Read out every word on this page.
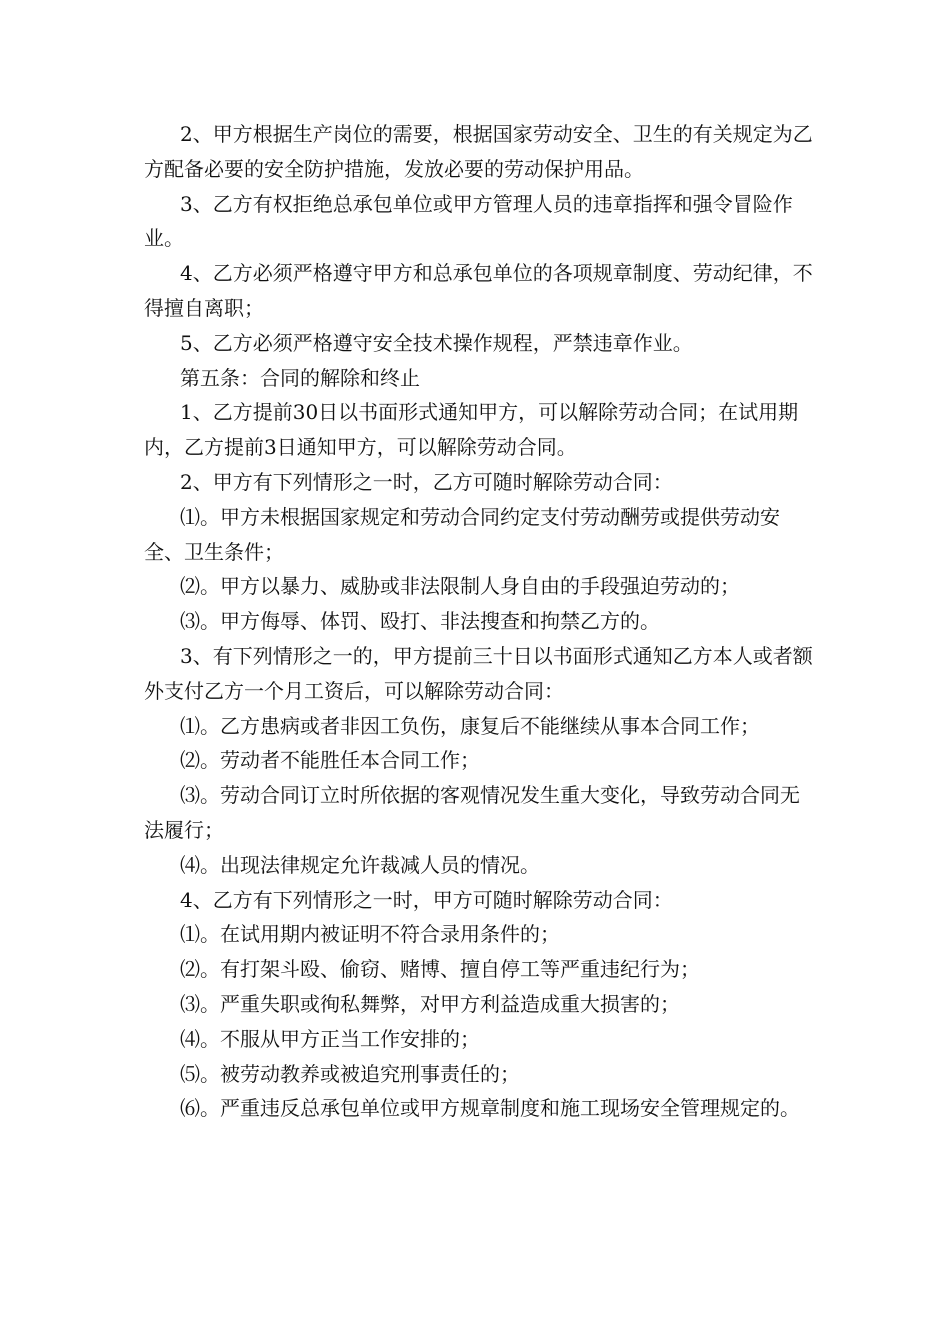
2、甲方根据生产岗位的需要，根据国家劳动安全、卫生的有关规定为乙方配备必要的安全防护措施，发放必要的劳动保护用品。

3、乙方有权拒绝总承包单位或甲方管理人员的违章指挥和强令冒险作业。

4、乙方必须严格遵守甲方和总承包单位的各项规章制度、劳动纪律，不得擅自离职；

5、乙方必须严格遵守安全技术操作规程，严禁违章作业。

第五条：合同的解除和终止

1、乙方提前30日以书面形式通知甲方，可以解除劳动合同；在试用期内，乙方提前3日通知甲方，可以解除劳动合同。

2、甲方有下列情形之一时，乙方可随时解除劳动合同：

⑴。甲方未根据国家规定和劳动合同约定支付劳动酬劳或提供劳动安全、卫生条件；

⑵。甲方以暴力、威胁或非法限制人身自由的手段强迫劳动的；

⑶。甲方侮辱、体罚、殴打、非法搜查和拘禁乙方的。

3、有下列情形之一的，甲方提前三十日以书面形式通知乙方本人或者额外支付乙方一个月工资后，可以解除劳动合同：

⑴。乙方患病或者非因工负伤，康复后不能继续从事本合同工作；

⑵。劳动者不能胜任本合同工作；

⑶。劳动合同订立时所依据的客观情况发生重大变化，导致劳动合同无法履行；

⑷。出现法律规定允许裁减人员的情况。

4、乙方有下列情形之一时，甲方可随时解除劳动合同：

⑴。在试用期内被证明不符合录用条件的；

⑵。有打架斗殴、偷窃、赌博、擅自停工等严重违纪行为；

⑶。严重失职或徇私舞弊，对甲方利益造成重大损害的；

⑷。不服从甲方正当工作安排的；

⑸。被劳动教养或被追究刑事责任的；

⑹。严重违反总承包单位或甲方规章制度和施工现场安全管理规定的。
